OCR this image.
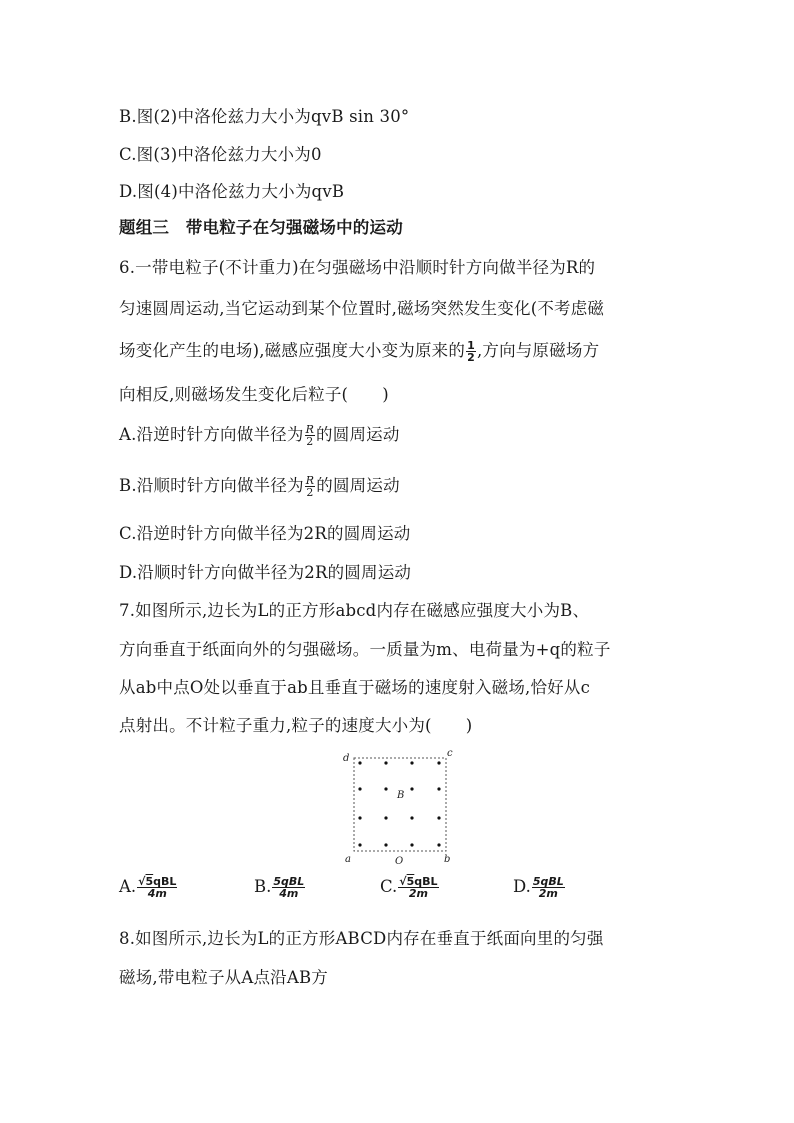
B.图(2)中洛伦兹力大小为qvB sin 30°
C.图(3)中洛伦兹力大小为0
D.图(4)中洛伦兹力大小为qvB
题组三　带电粒子在匀强磁场中的运动
6.一带电粒子(不计重力)在匀强磁场中沿顺时针方向做半径为R的
匀速圆周运动,当它运动到某个位置时,磁场突然发生变化(不考虑磁
场变化产生的电场),磁感应强度大小变为原来的 $\frac{1}{2}$ ,方向与原磁场方
向相反,则磁场发生变化后粒子( )
A.沿逆时针方向做半径为 $\frac{R}{2}$ 的圆周运动
B.沿顺时针方向做半径为 $\frac{R}{2}$ 的圆周运动
C.沿逆时针方向做半径为2R的圆周运动
D.沿顺时针方向做半径为2R的圆周运动
7.如图所示,边长为L的正方形abcd内存在磁感应强度大小为B、
方向垂直于纸面向外的匀强磁场。一质量为m、电荷量为+q的粒子
从ab中点O处以垂直于ab且垂直于磁场的速度射入磁场,恰好从c
点射出。不计粒子重力,粒子的速度大小为( )
d	c
a	b
O
B
A. $\frac{\text{√5qBL}}{4m}$	B. $\frac{\text{5qBL}}{4m}$	C. $\frac{\text{√5qBL}}{2m}$	D. $\frac{\text{5qBL}}{2m}$
8.如图所示,边长为L的正方形ABCD内存在垂直于纸面向里的匀强
磁场,带电粒子从A点沿AB方
